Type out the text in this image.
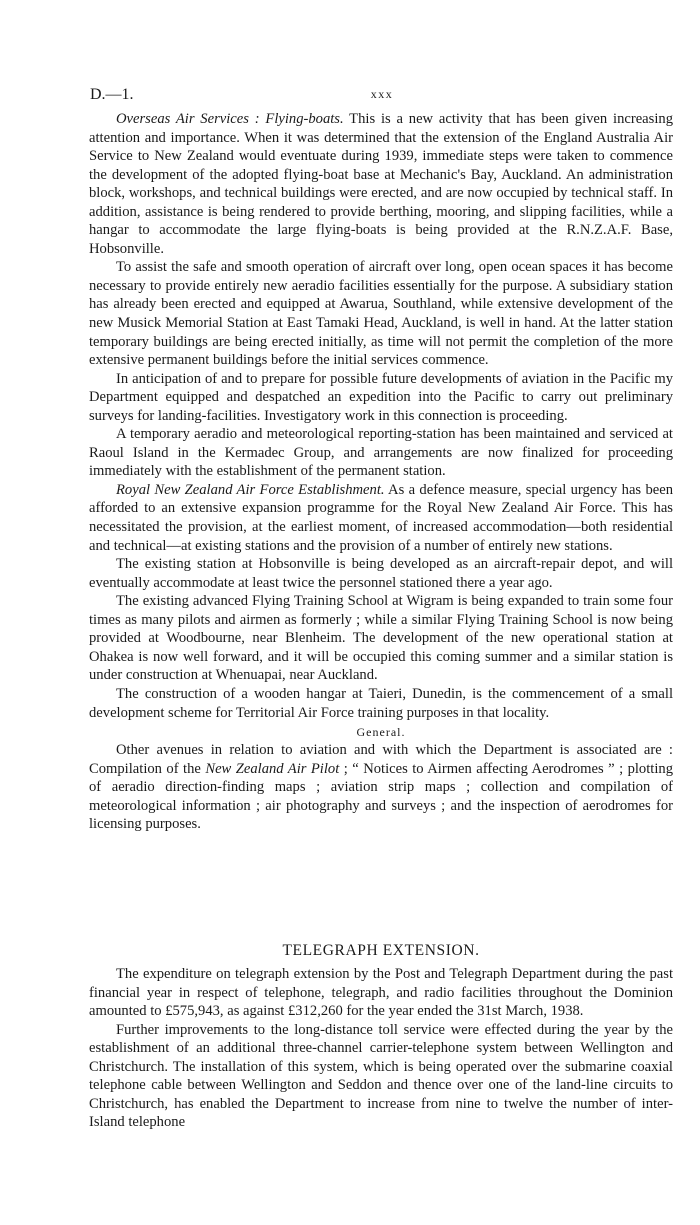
D.—1.	xxx

Overseas Air Services : Flying-boats. This is a new activity that has been given increasing attention and importance. When it was determined that the extension of the England Australia Air Service to New Zealand would eventuate during 1939, immediate steps were taken to commence the development of the adopted flying-boat base at Mechanic's Bay, Auckland. An administration block, workshops, and technical buildings were erected, and are now occupied by technical staff. In addition, assistance is being rendered to provide berthing, mooring, and slipping facilities, while a hangar to accommodate the large flying-boats is being provided at the R.N.Z.A.F. Base, Hobsonville.

To assist the safe and smooth operation of aircraft over long, open ocean spaces it has become necessary to provide entirely new aeradio facilities essentially for the purpose. A subsidiary station has already been erected and equipped at Awarua, Southland, while extensive development of the new Musick Memorial Station at East Tamaki Head, Auckland, is well in hand. At the latter station temporary buildings are being erected initially, as time will not permit the completion of the more extensive permanent buildings before the initial services commence.

In anticipation of and to prepare for possible future developments of aviation in the Pacific my Department equipped and despatched an expedition into the Pacific to carry out preliminary surveys for landing-facilities. Investigatory work in this connection is proceeding.

A temporary aeradio and meteorological reporting-station has been maintained and serviced at Raoul Island in the Kermadec Group, and arrangements are now finalized for proceeding immediately with the establishment of the permanent station.

Royal New Zealand Air Force Establishment. As a defence measure, special urgency has been afforded to an extensive expansion programme for the Royal New Zealand Air Force. This has necessitated the provision, at the earliest moment, of increased accommodation—both residential and technical—at existing stations and the provision of a number of entirely new stations.

The existing station at Hobsonville is being developed as an aircraft-repair depot, and will eventually accommodate at least twice the personnel stationed there a year ago.

The existing advanced Flying Training School at Wigram is being expanded to train some four times as many pilots and airmen as formerly ; while a similar Flying Training School is now being provided at Woodbourne, near Blenheim. The development of the new operational station at Ohakea is now well forward, and it will be occupied this coming summer and a similar station is under construction at Whenuapai, near Auckland.

The construction of a wooden hangar at Taieri, Dunedin, is the commencement of a small development scheme for Territorial Air Force training purposes in that locality.

General.

Other avenues in relation to aviation and with which the Department is associated are : Compilation of the New Zealand Air Pilot ; “ Notices to Airmen affecting Aerodromes ” ; plotting of aeradio direction-finding maps ; aviation strip maps ; collection and compilation of meteorological information ; air photography and surveys ; and the inspection of aerodromes for licensing purposes.

TELEGRAPH EXTENSION.

The expenditure on telegraph extension by the Post and Telegraph Department during the past financial year in respect of telephone, telegraph, and radio facilities throughout the Dominion amounted to £575,943, as against £312,260 for the year ended the 31st March, 1938.

Further improvements to the long-distance toll service were effected during the year by the establishment of an additional three-channel carrier-telephone system between Wellington and Christchurch. The installation of this system, which is being operated over the submarine coaxial telephone cable between Wellington and Seddon and thence over one of the land-line circuits to Christchurch, has enabled the Department to increase from nine to twelve the number of inter-Island telephone
